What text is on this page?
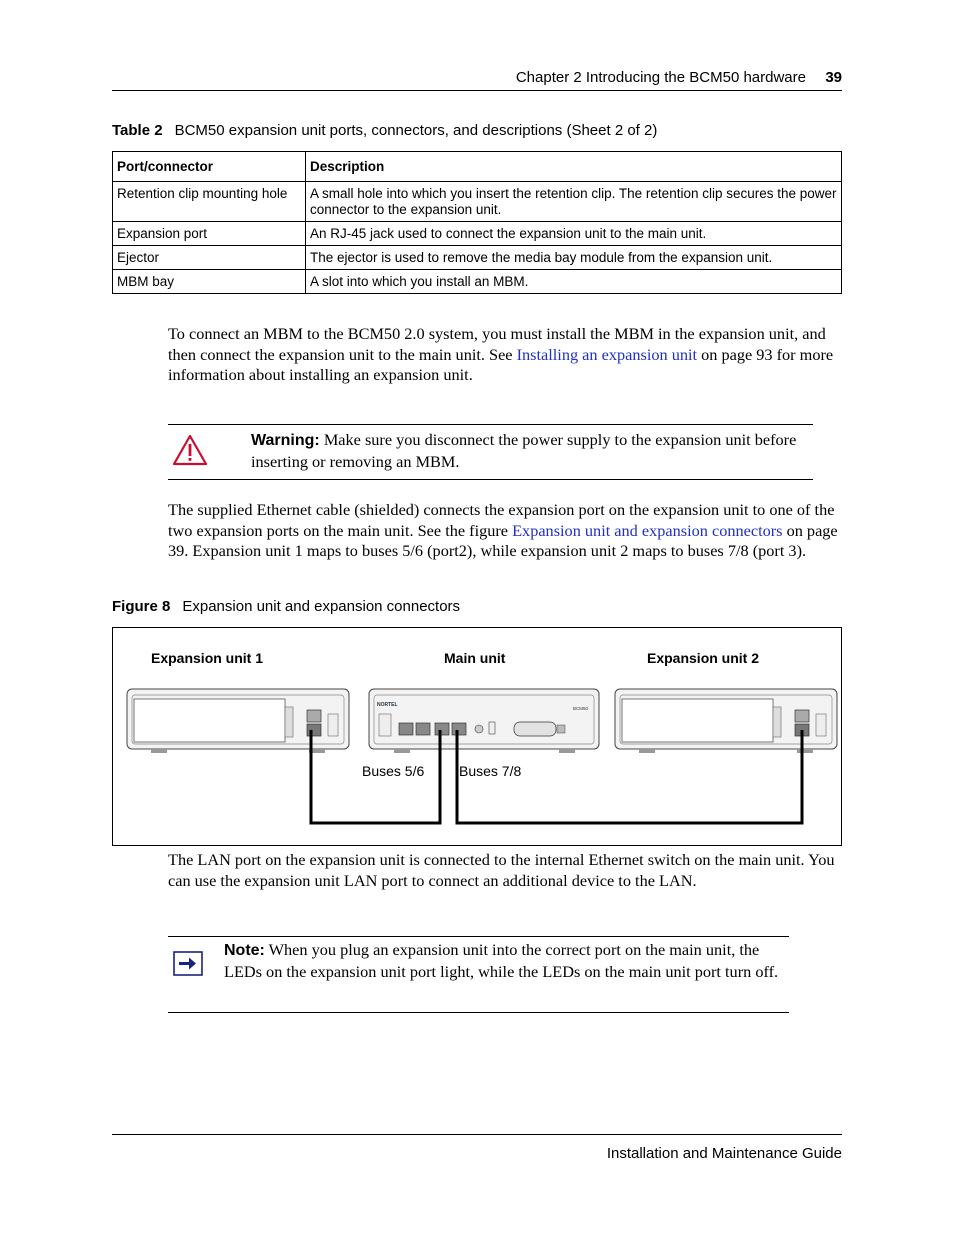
Chapter 2 Introducing the BCM50 hardware 39
Table 2 BCM50 expansion unit ports, connectors, and descriptions (Sheet 2 of 2)
Port/connector	Description
Retention clip mounting hole	A small hole into which you insert the retention clip. The retention clip secures the power connector to the expansion unit.
Expansion port	An RJ-45 jack used to connect the expansion unit to the main unit.
Ejector	The ejector is used to remove the media bay module from the expansion unit.
MBM bay	A slot into which you install an MBM.
To connect an MBM to the BCM50 2.0 system, you must install the MBM in the expansion unit, and then connect the expansion unit to the main unit. See Installing an expansion unit on page 93 for more information about installing an expansion unit.
Warning: Make sure you disconnect the power supply to the expansion unit before inserting or removing an MBM.
The supplied Ethernet cable (shielded) connects the expansion port on the expansion unit to one of the two expansion ports on the main unit. See the figure Expansion unit and expansion connectors on page 39. Expansion unit 1 maps to buses 5/6 (port2), while expansion unit 2 maps to buses 7/8 (port 3).
Figure 8 Expansion unit and expansion connectors
Expansion unit 1	Main unit	Expansion unit 2
NORTEL
BCM50
Buses 5/6 Buses 7/8
The LAN port on the expansion unit is connected to the internal Ethernet switch on the main unit. You can use the expansion unit LAN port to connect an additional device to the LAN.
Note: When you plug an expansion unit into the correct port on the main unit, the LEDs on the expansion unit port light, while the LEDs on the main unit port turn off.
Installation and Maintenance Guide
